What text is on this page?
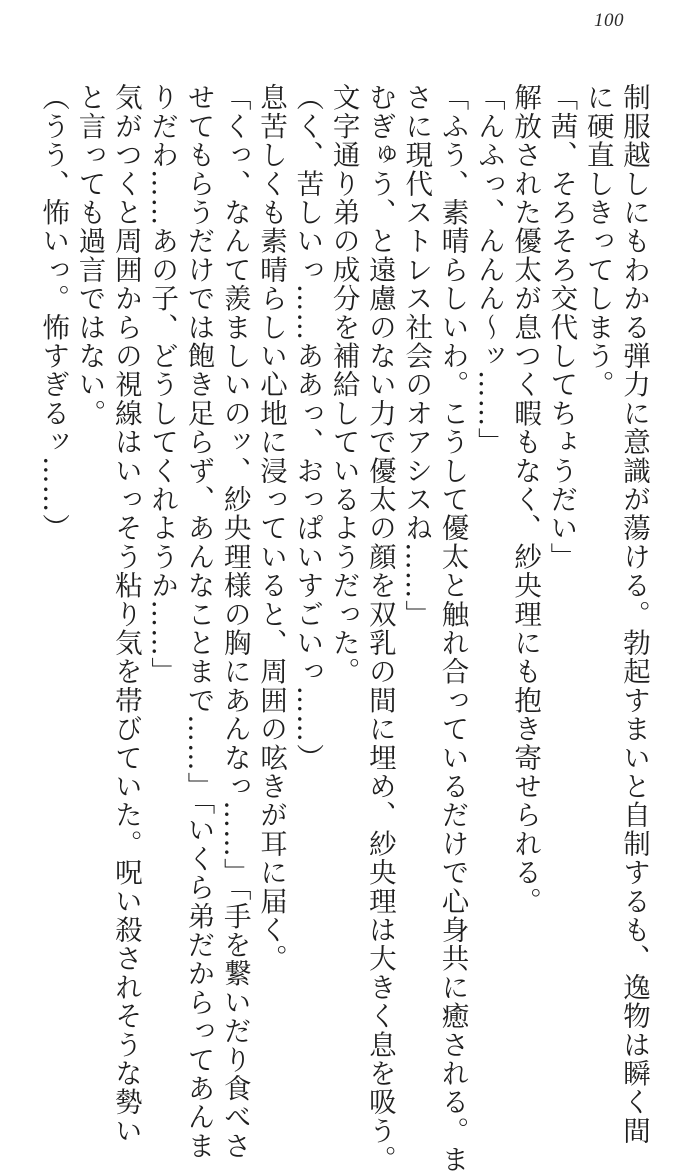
100
制服越しにもわかる弾力に意識が蕩ける。勃起すまいと自制するも、逸物は瞬く間
に硬直しきってしまう。
「茜、そろそろ交代してちょうだい」
解放された優太が息つく暇もなく、紗央理にも抱き寄せられる。
「んふっ、んんん〜ッ……」
「ふう、素晴らしいわ。こうして優太と触れ合っているだけで心身共に癒される。ま
さに現代ストレス社会のオアシスね……」
むぎゅう、と遠慮のない力で優太の顔を双乳の間に埋め、紗央理は大きく息を吸う。
文字通り弟の成分を補給しているようだった。
（く、苦しいっ……ああっ、おっぱいすごいっ……）
息苦しくも素晴らしい心地に浸っていると、周囲の呟きが耳に届く。
「くっ、なんて羨ましいのッ、紗央理様の胸にあんなっ……」「手を繋いだり食べさ
せてもらうだけでは飽き足らず、あんなことまで……」「いくら弟だからってあんま
りだわ……あの子、どうしてくれようか……」
気がつくと周囲からの視線はいっそう粘り気を帯びていた。呪い殺されそうな勢い
と言っても過言ではない。
（うう、怖いっ。怖すぎるッ……）
